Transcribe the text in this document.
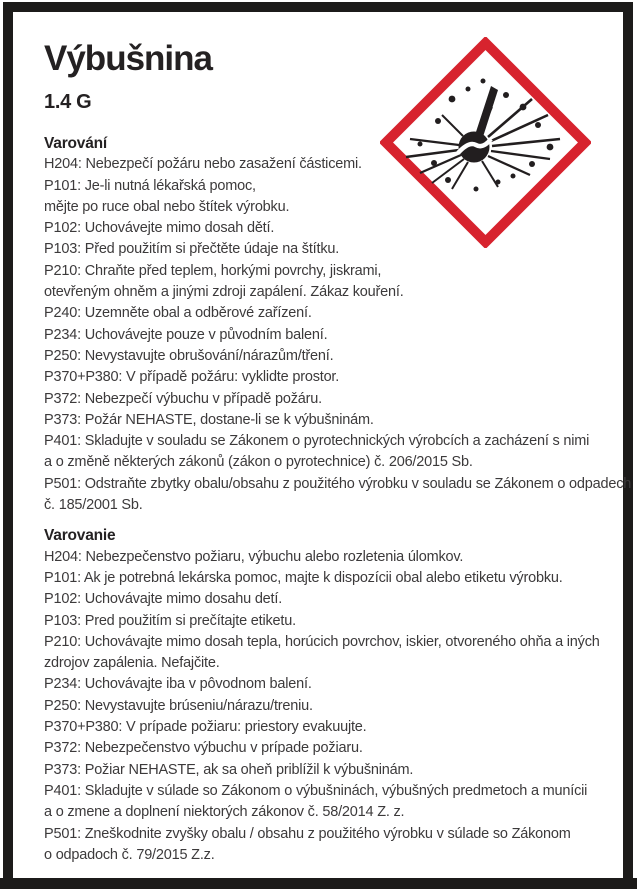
Výbušnina
1.4 G
Varování
H204: Nebezpečí požáru nebo zasažení částicemi.
P101: Je-li nutná lékařská pomoc,
mějte po ruce obal nebo štítek výrobku.
P102: Uchovávejte mimo dosah dětí.
P103: Před použitím si přečtěte údaje na štítku.
P210: Chraňte před teplem, horkými povrchy, jiskrami,
otevřeným ohněm a jinými zdroji zapálení. Zákaz kouření.
P240: Uzemněte obal a odběrové zařízení.
P234: Uchovávejte pouze v původním balení.
P250: Nevystavujte obrušování/nárazům/tření.
P370+P380: V případě požáru: vyklidte prostor.
P372: Nebezpečí výbuchu v případě požáru.
P373: Požár NEHASTE, dostane-li se k výbušninám.
P401: Skladujte v souladu se Zákonem o pyrotechnických výrobcích a zacházení s nimi
a o změně některých zákonů (zákon o pyrotechnice) č. 206/2015 Sb.
P501: Odstraňte zbytky obalu/obsahu z použitého výrobku v souladu se Zákonem o odpadech
č. 185/2001 Sb.
Varovanie
H204: Nebezpečenstvo požiaru, výbuchu alebo rozletenia úlomkov.
P101: Ak je potrebná lekárska pomoc, majte k dispozícii obal alebo etiketu výrobku.
P102: Uchovávajte mimo dosahu detí.
P103: Pred použitím si prečítajte etiketu.
P210: Uchovávajte mimo dosah tepla, horúcich povrchov, iskier, otvoreného ohňa a iných
zdrojov zapálenia. Nefajčite.
P234: Uchovávajte iba v pôvodnom balení.
P250: Nevystavujte brúseniu/nárazu/treniu.
P370+P380: V prípade požiaru: priestory evakuujte.
P372: Nebezpečenstvo výbuchu v prípade požiaru.
P373: Požiar NEHASTE, ak sa oheň priblížil k výbušninám.
P401: Skladujte v súlade so Zákonom o výbušninách, výbušných predmetoch a munícii
a o zmene a doplnení niektorých zákonov č. 58/2014 Z. z.
P501: Zneškodnite zvyšky obalu / obsahu z použitého výrobku v súlade so Zákonom
o odpadoch č. 79/2015 Z.z.
